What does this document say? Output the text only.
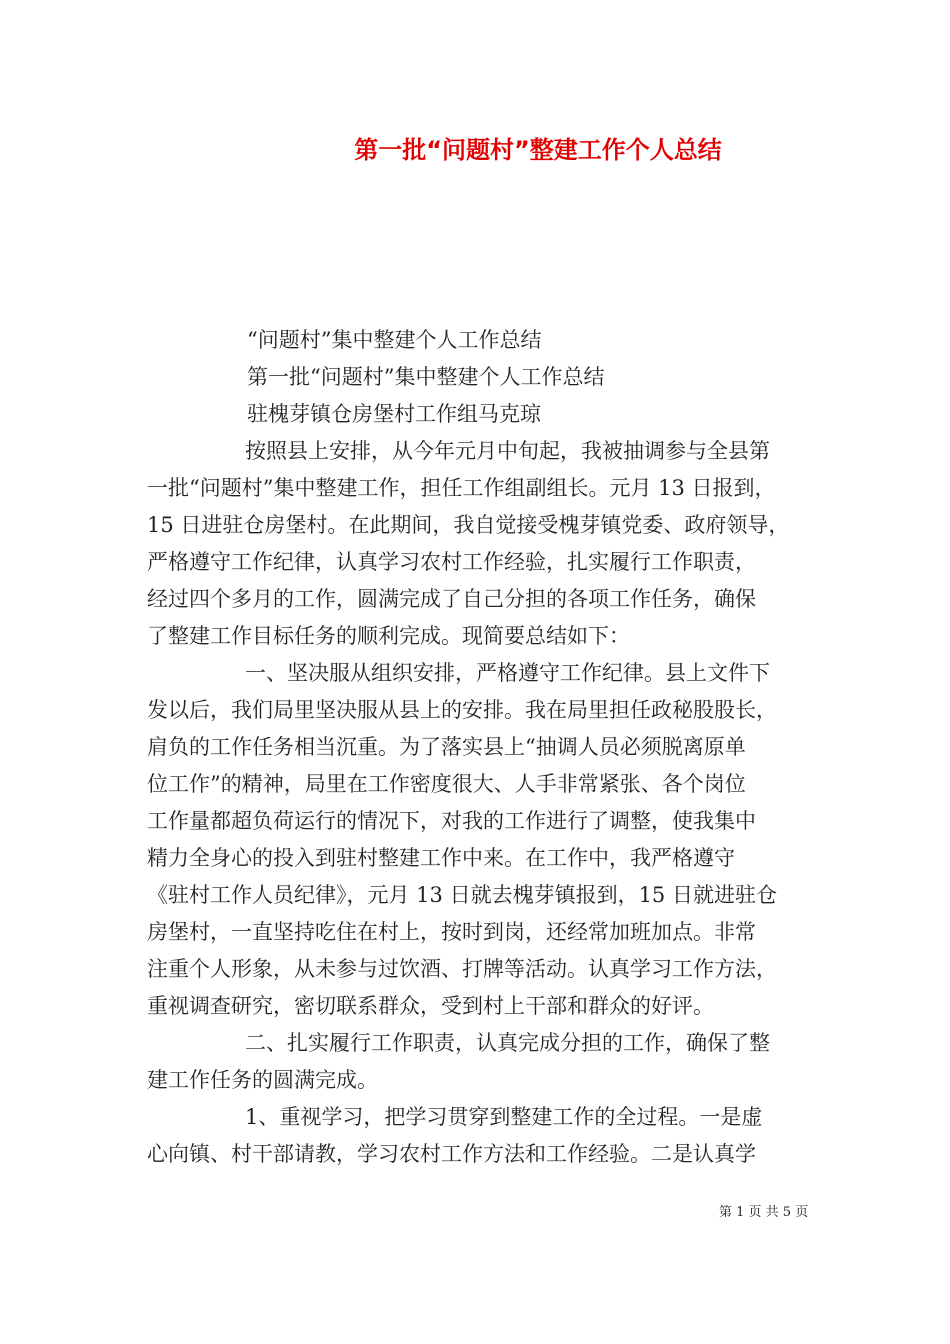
第一批“问题村”整建工作个人总结
“问题村”集中整建个人工作总结
第一批“问题村”集中整建个人工作总结
驻槐芽镇仓房堡村工作组马克琼
按照县上安排，从今年元月中旬起，我被抽调参与全县第
一批“问题村”集中整建工作，担任工作组副组长。元月 13 日报到，
15 日进驻仓房堡村。在此期间，我自觉接受槐芽镇党委、政府领导，
严格遵守工作纪律，认真学习农村工作经验，扎实履行工作职责，
经过四个多月的工作，圆满完成了自己分担的各项工作任务，确保
了整建工作目标任务的顺利完成。现简要总结如下：
一、坚决服从组织安排，严格遵守工作纪律。县上文件下
发以后，我们局里坚决服从县上的安排。我在局里担任政秘股股长，
肩负的工作任务相当沉重。为了落实县上“抽调人员必须脱离原单
位工作”的精神，局里在工作密度很大、人手非常紧张、各个岗位
工作量都超负荷运行的情况下，对我的工作进行了调整，使我集中
精力全身心的投入到驻村整建工作中来。在工作中，我严格遵守
《驻村工作人员纪律》，元月 13 日就去槐芽镇报到，15 日就进驻仓
房堡村，一直坚持吃住在村上，按时到岗，还经常加班加点。非常
注重个人形象，从未参与过饮酒、打牌等活动。认真学习工作方法，
重视调查研究，密切联系群众，受到村上干部和群众的好评。
二、扎实履行工作职责，认真完成分担的工作，确保了整
建工作任务的圆满完成。
1、重视学习，把学习贯穿到整建工作的全过程。一是虚
心向镇、村干部请教，学习农村工作方法和工作经验。二是认真学
第 1 页 共 5 页
